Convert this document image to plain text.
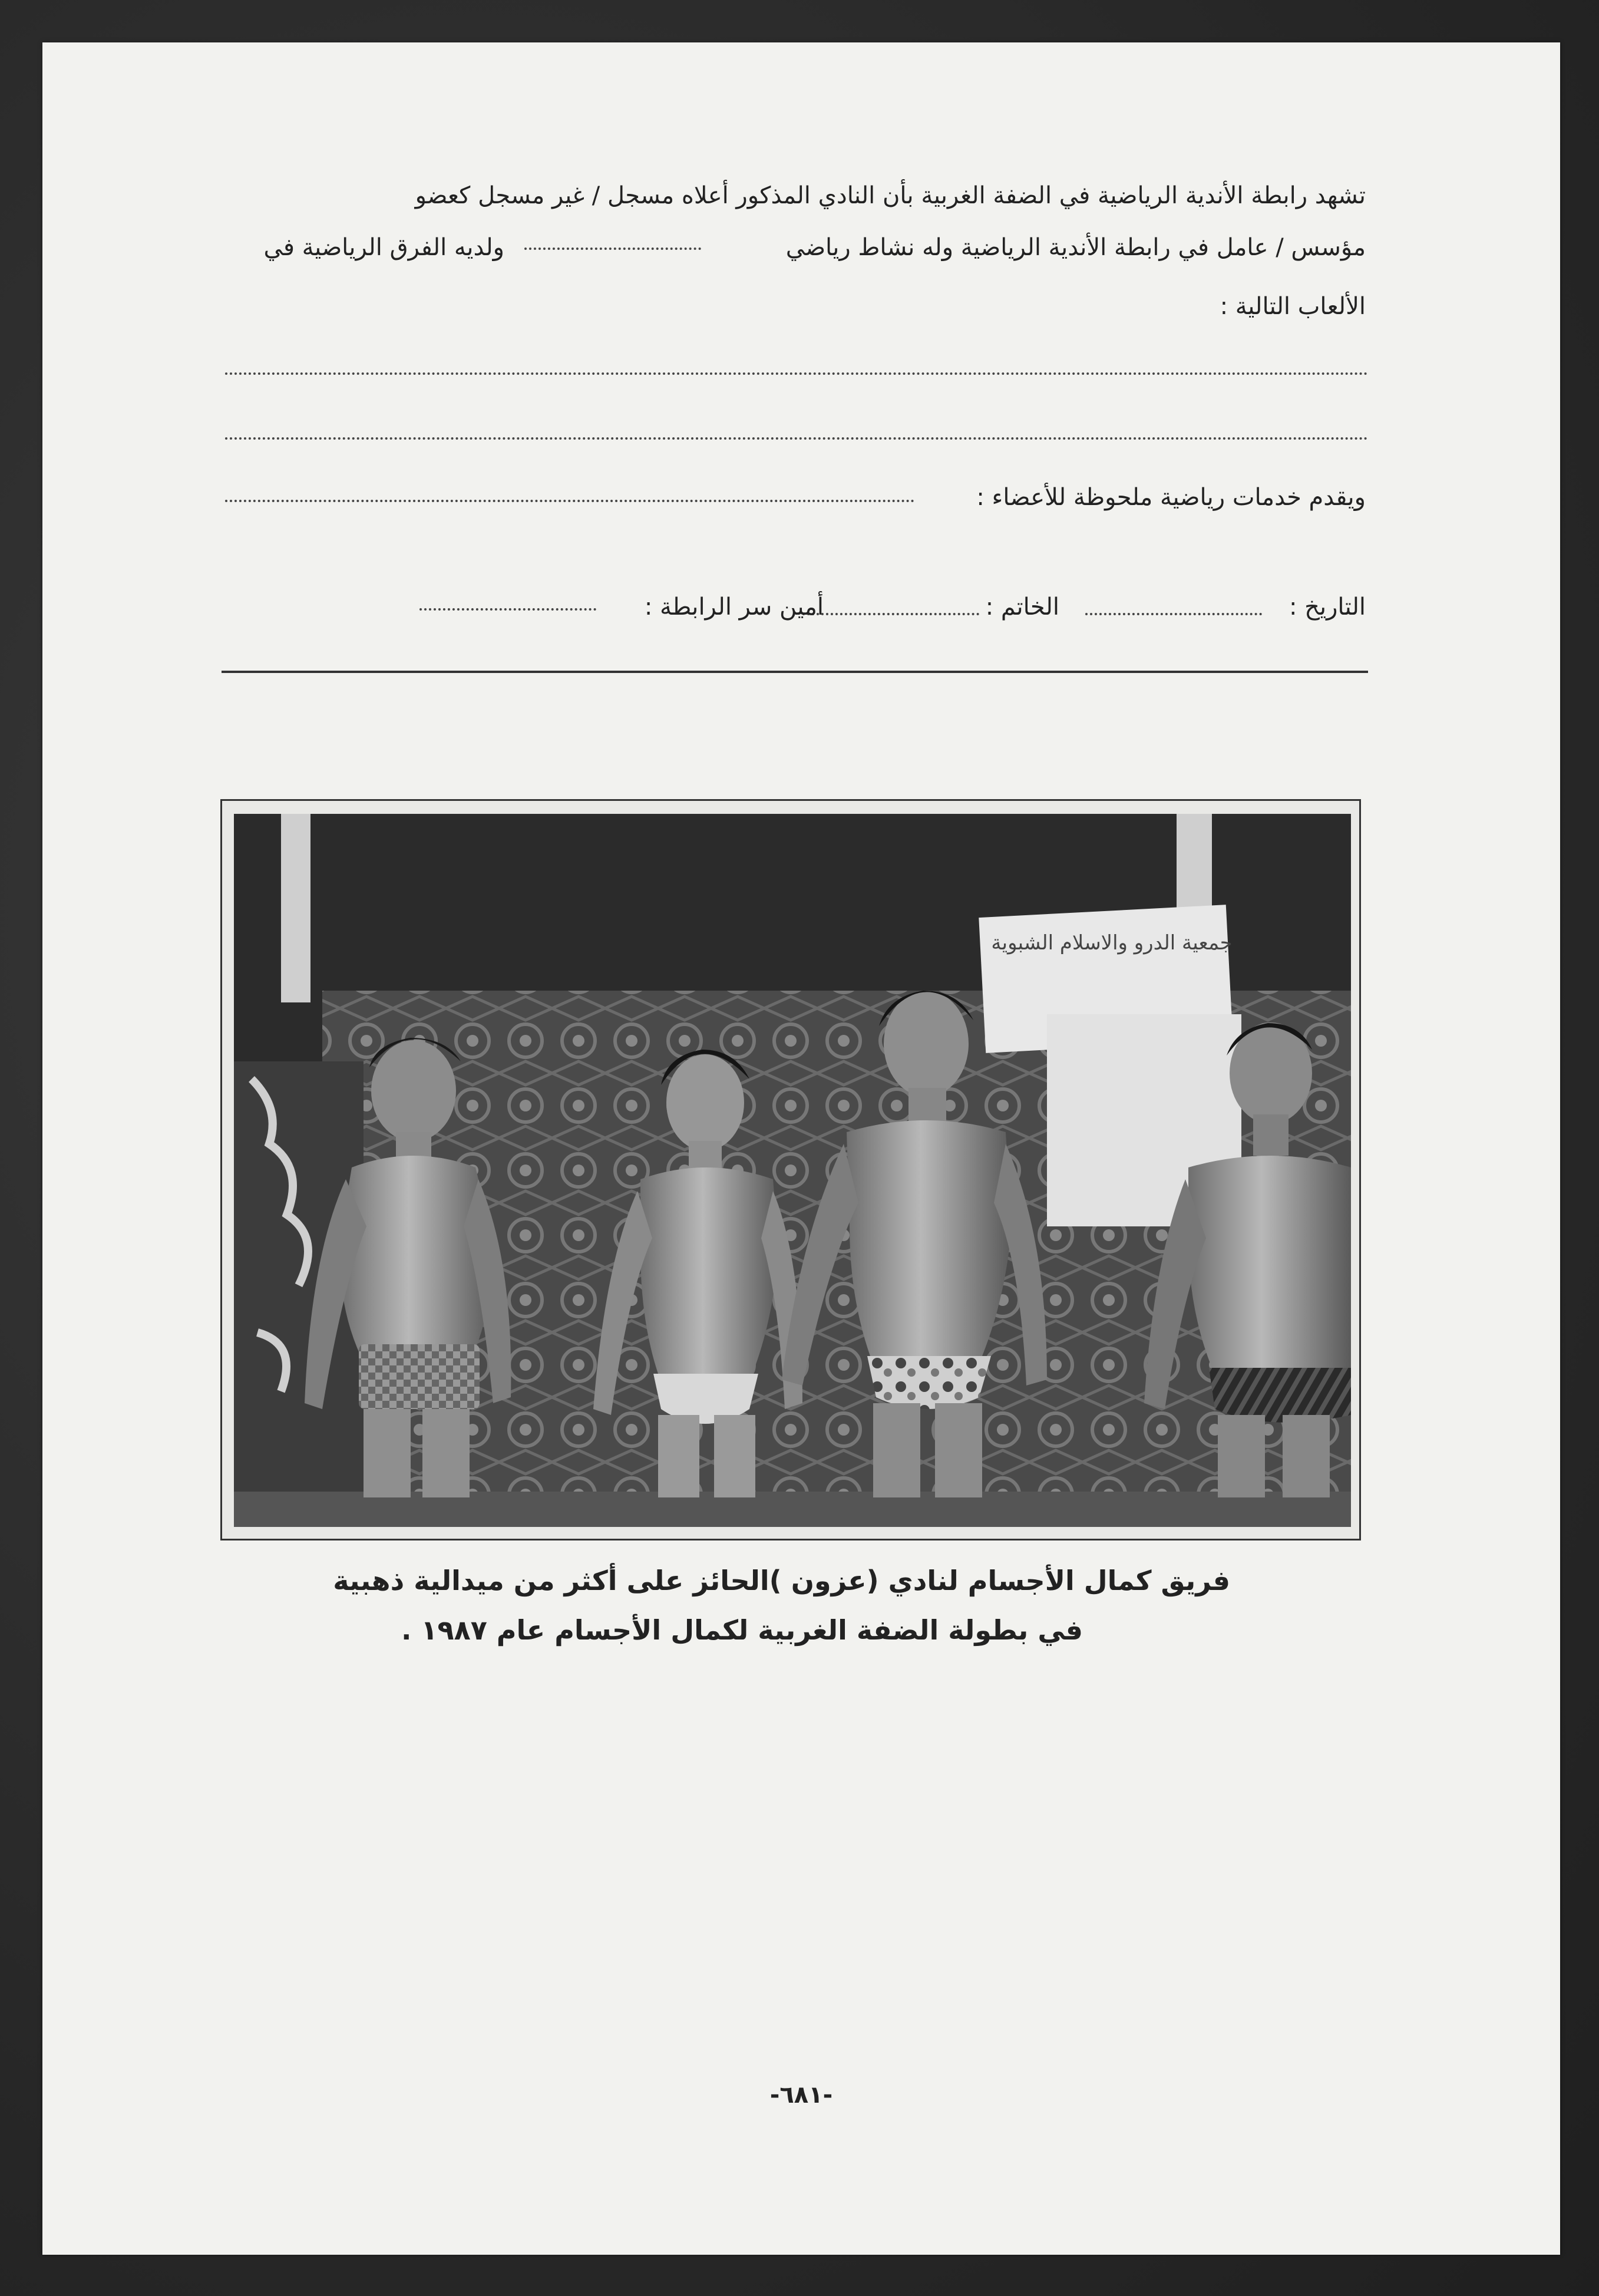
تشهد رابطة الأندية الرياضية في الضفة الغربية بأن النادي المذكور أعلاه مسجل / غير مسجل كعضو
مؤسس / عامل في رابطة الأندية الرياضية وله نشاط رياضي
ولديه الفرق الرياضية في
الألعاب التالية :
ويقدم خدمات رياضية ملحوظة للأعضاء :
التاريخ :
الخاتم :
أمين سر الرابطة :
جمعية الدرو والاسلام الشبوية
فريق كمال الأجسام لنادي (عزون )الحائز على أكثر من ميدالية ذهبية
في بطولة الضفة الغربية لكمال الأجسام عام ١٩٨٧ .
-٦٨١-
